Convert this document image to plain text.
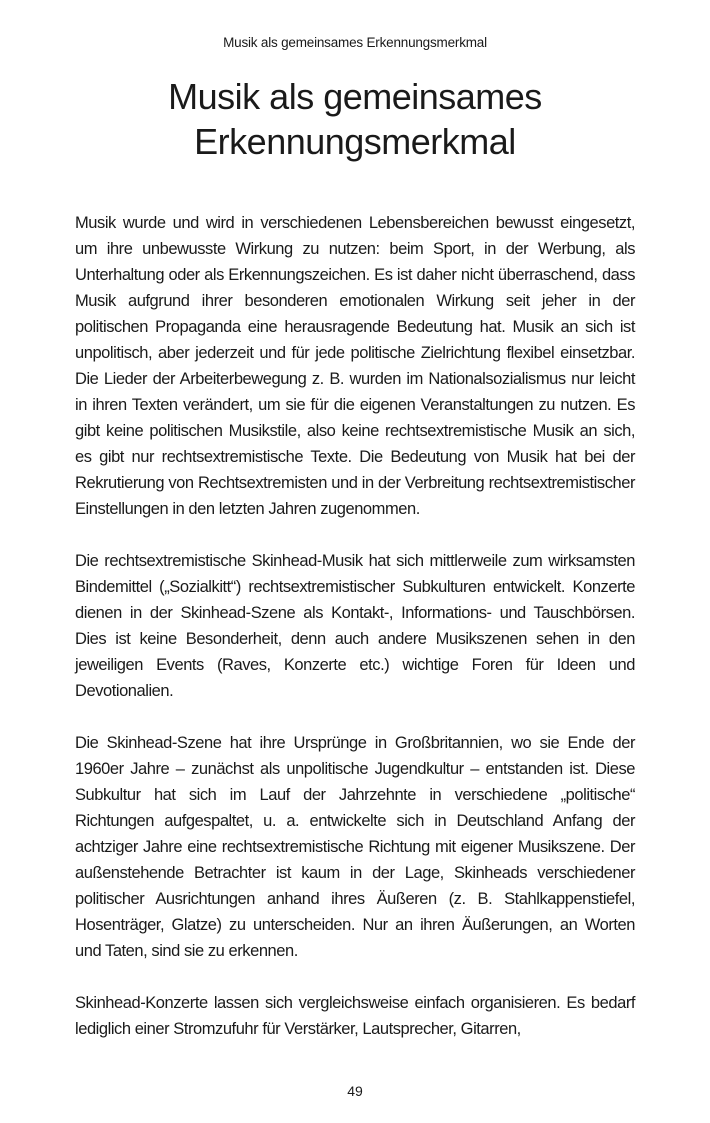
Musik als gemeinsames Erkennungsmerkmal
Musik als gemeinsames
Erkennungsmerkmal

Musik wurde und wird in verschiedenen Lebensbereichen bewusst eingesetzt, um ihre unbewusste Wirkung zu nutzen: beim Sport, in der Werbung, als Unterhaltung oder als Erkennungszeichen. Es ist daher nicht überraschend, dass Musik aufgrund ihrer besonderen emotionalen Wirkung seit jeher in der politischen Propaganda eine herausragende Bedeutung hat. Musik an sich ist unpolitisch, aber jederzeit und für jede politische Zielrichtung flexibel einsetzbar. Die Lieder der Arbeiterbewegung z. B. wurden im Nationalsozialismus nur leicht in ihren Texten verändert, um sie für die eigenen Veranstaltungen zu nutzen. Es gibt keine politischen Musikstile, also keine rechtsextremistische Musik an sich, es gibt nur rechtsextremistische Texte. Die Bedeutung von Musik hat bei der Rekrutierung von Rechtsextremisten und in der Verbreitung rechtsextremistischer Einstellungen in den letzten Jahren zugenommen.

Die rechtsextremistische Skinhead-Musik hat sich mittlerweile zum wirksamsten Bindemittel („Sozialkitt“) rechtsextremistischer Subkulturen entwickelt. Konzerte dienen in der Skinhead-Szene als Kontakt-, Informations- und Tauschbörsen. Dies ist keine Besonderheit, denn auch andere Musikszenen sehen in den jeweiligen Events (Raves, Konzerte etc.) wichtige Foren für Ideen und Devotionalien.

Die Skinhead-Szene hat ihre Ursprünge in Großbritannien, wo sie Ende der 1960er Jahre – zunächst als unpolitische Jugendkultur – entstanden ist. Diese Subkultur hat sich im Lauf der Jahrzehnte in verschiedene „politische“ Richtungen aufgespaltet, u. a. entwickelte sich in Deutschland Anfang der achtziger Jahre eine rechtsextremistische Richtung mit eigener Musikszene. Der außenstehende Betrachter ist kaum in der Lage, Skinheads verschiedener politischer Ausrichtungen anhand ihres Äußeren (z. B. Stahlkappenstiefel, Hosenträger, Glatze) zu unterscheiden. Nur an ihren Äußerungen, an Worten und Taten, sind sie zu erkennen.

Skinhead-Konzerte lassen sich vergleichsweise einfach organisieren. Es bedarf lediglich einer Stromzufuhr für Verstärker, Lautsprecher, Gitarren,

49
